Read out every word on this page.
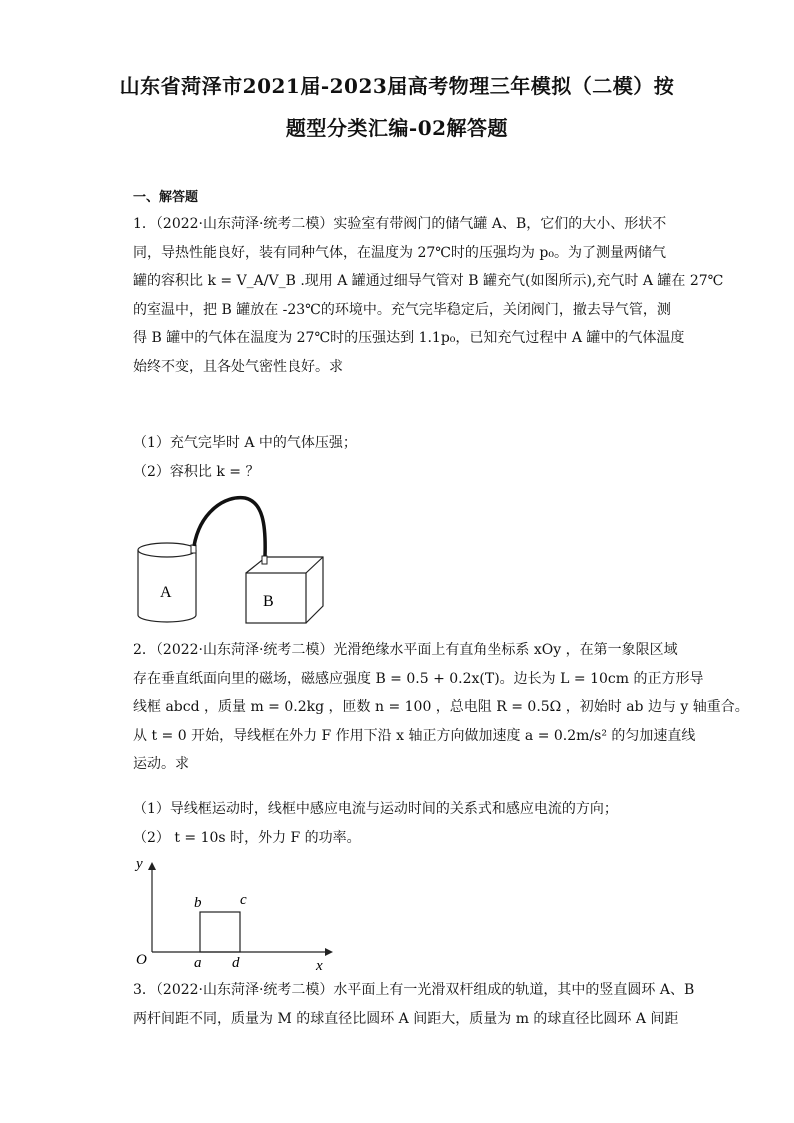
山东省菏泽市2021届-2023届高考物理三年模拟（二模）按
题型分类汇编-02解答题
一、解答题
1．（2022·山东菏泽·统考二模）实验室有带阀门的储气罐 A、B，它们的大小、形状不
同，导热性能良好，装有同种气体，在温度为 27℃时的压强均为 p₀。为了测量两储气
罐的容积比 k = V_A/V_B .现用 A 罐通过细导气管对 B 罐充气(如图所示),充气时 A 罐在 27℃
的室温中，把 B 罐放在 -23℃的环境中。充气完毕稳定后，关闭阀门，撤去导气管，测
得 B 罐中的气体在温度为 27℃时的压强达到 1.1p₀，已知充气过程中 A 罐中的气体温度
始终不变，且各处气密性良好。求
（1）充气完毕时 A 中的气体压强；
（2）容积比 k = ？
A
B
2．（2022·山东菏泽·统考二模）光滑绝缘水平面上有直角坐标系 xOy ，在第一象限区域
存在垂直纸面向里的磁场，磁感应强度 B = 0.5 + 0.2x(T)。边长为 L = 10cm 的正方形导
线框 abcd ，质量 m = 0.2kg ，匝数 n = 100 ，总电阻 R = 0.5Ω ，初始时 ab 边与 y 轴重合。
从 t = 0 开始，导线框在外力 F 作用下沿 x 轴正方向做加速度 a = 0.2m/s² 的匀加速直线
运动。求
（1）导线框运动时，线框中感应电流与运动时间的关系式和感应电流的方向；
（2） t = 10s 时，外力 F 的功率。
y
x
O	a
b	c
d
3．（2022·山东菏泽·统考二模）水平面上有一光滑双杆组成的轨道，其中的竖直圆环 A、B
两杆间距不同，质量为 M 的球直径比圆环 A 间距大，质量为 m 的球直径比圆环 A 间距
